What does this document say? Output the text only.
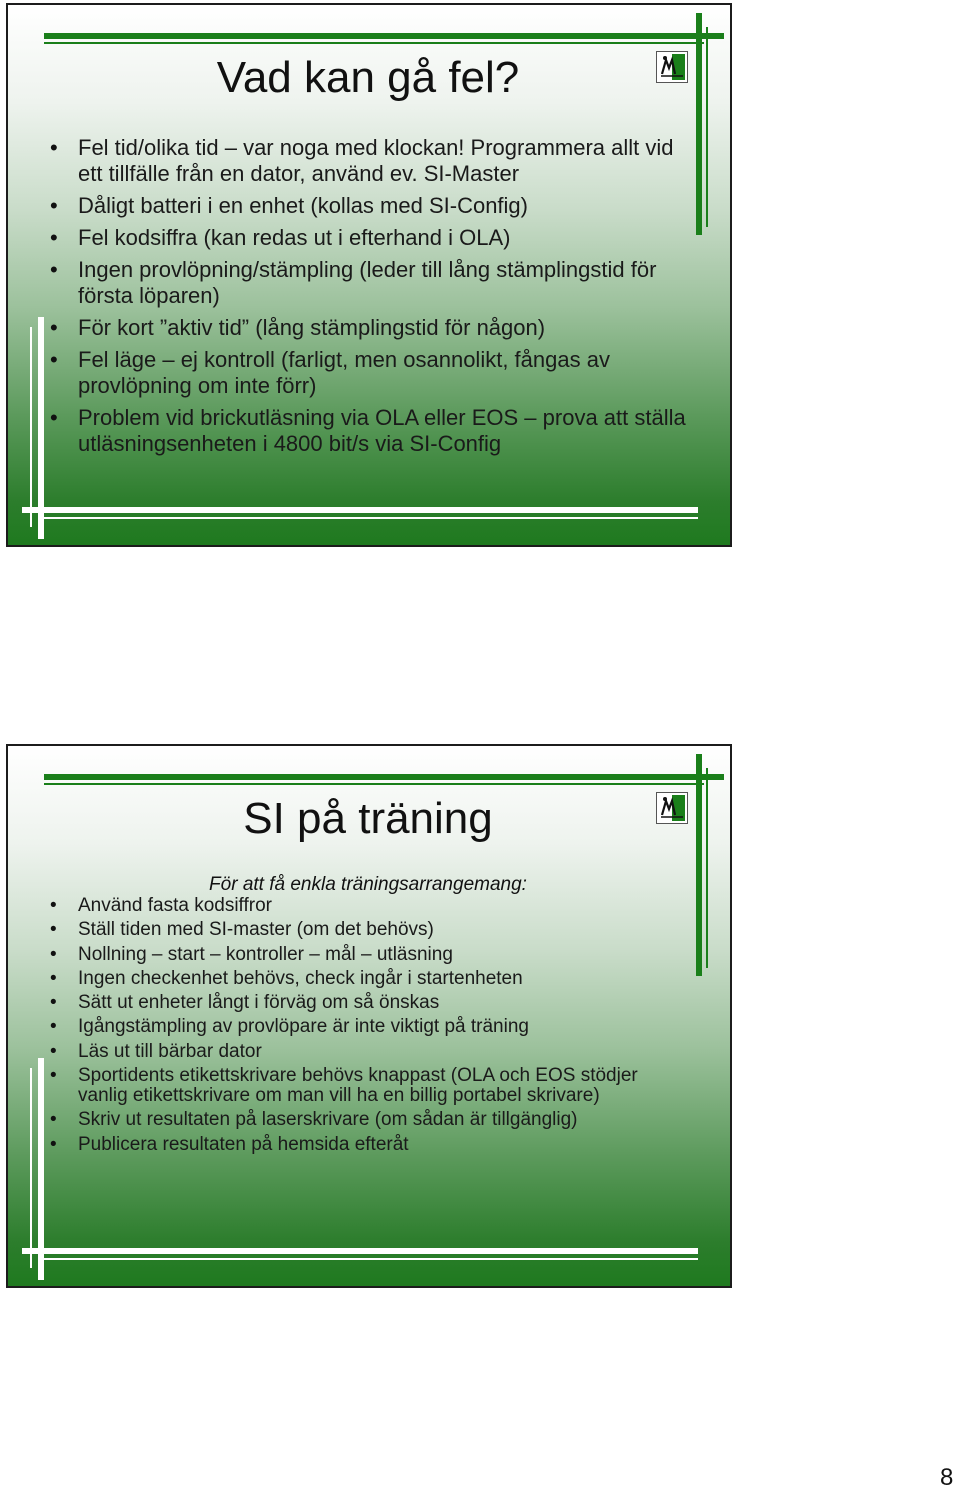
Vad kan gå fel?
• Fel tid/olika tid – var noga med klockan! Programmera allt vid ett tillfälle från en dator, använd ev. SI-Master
• Dåligt batteri i en enhet (kollas med SI-Config)
• Fel kodsiffra (kan redas ut i efterhand i OLA)
• Ingen provlöpning/stämpling (leder till lång stämplingstid för första löparen)
• För kort ”aktiv tid” (lång stämplingstid för någon)
• Fel läge – ej kontroll (farligt, men osannolikt, fångas av provlöpning om inte förr)
• Problem vid brickutläsning via OLA eller EOS – prova att ställa utläsningsenheten i 4800 bit/s via SI-Config
SI på träning
För att få enkla träningsarrangemang:
• Använd fasta kodsiffror
• Ställ tiden med SI-master (om det behövs)
• Nollning – start – kontroller – mål – utläsning
• Ingen checkenhet behövs, check ingår i startenheten
• Sätt ut enheter långt i förväg om så önskas
• Igångstämpling av provlöpare är inte viktigt på träning
• Läs ut till bärbar dator
• Sportidents etikettskrivare behövs knappast (OLA och EOS stödjer vanlig etikettskrivare om man vill ha en billig portabel skrivare)
• Skriv ut resultaten på laserskrivare (om sådan är tillgänglig)
• Publicera resultaten på hemsida efteråt
8
